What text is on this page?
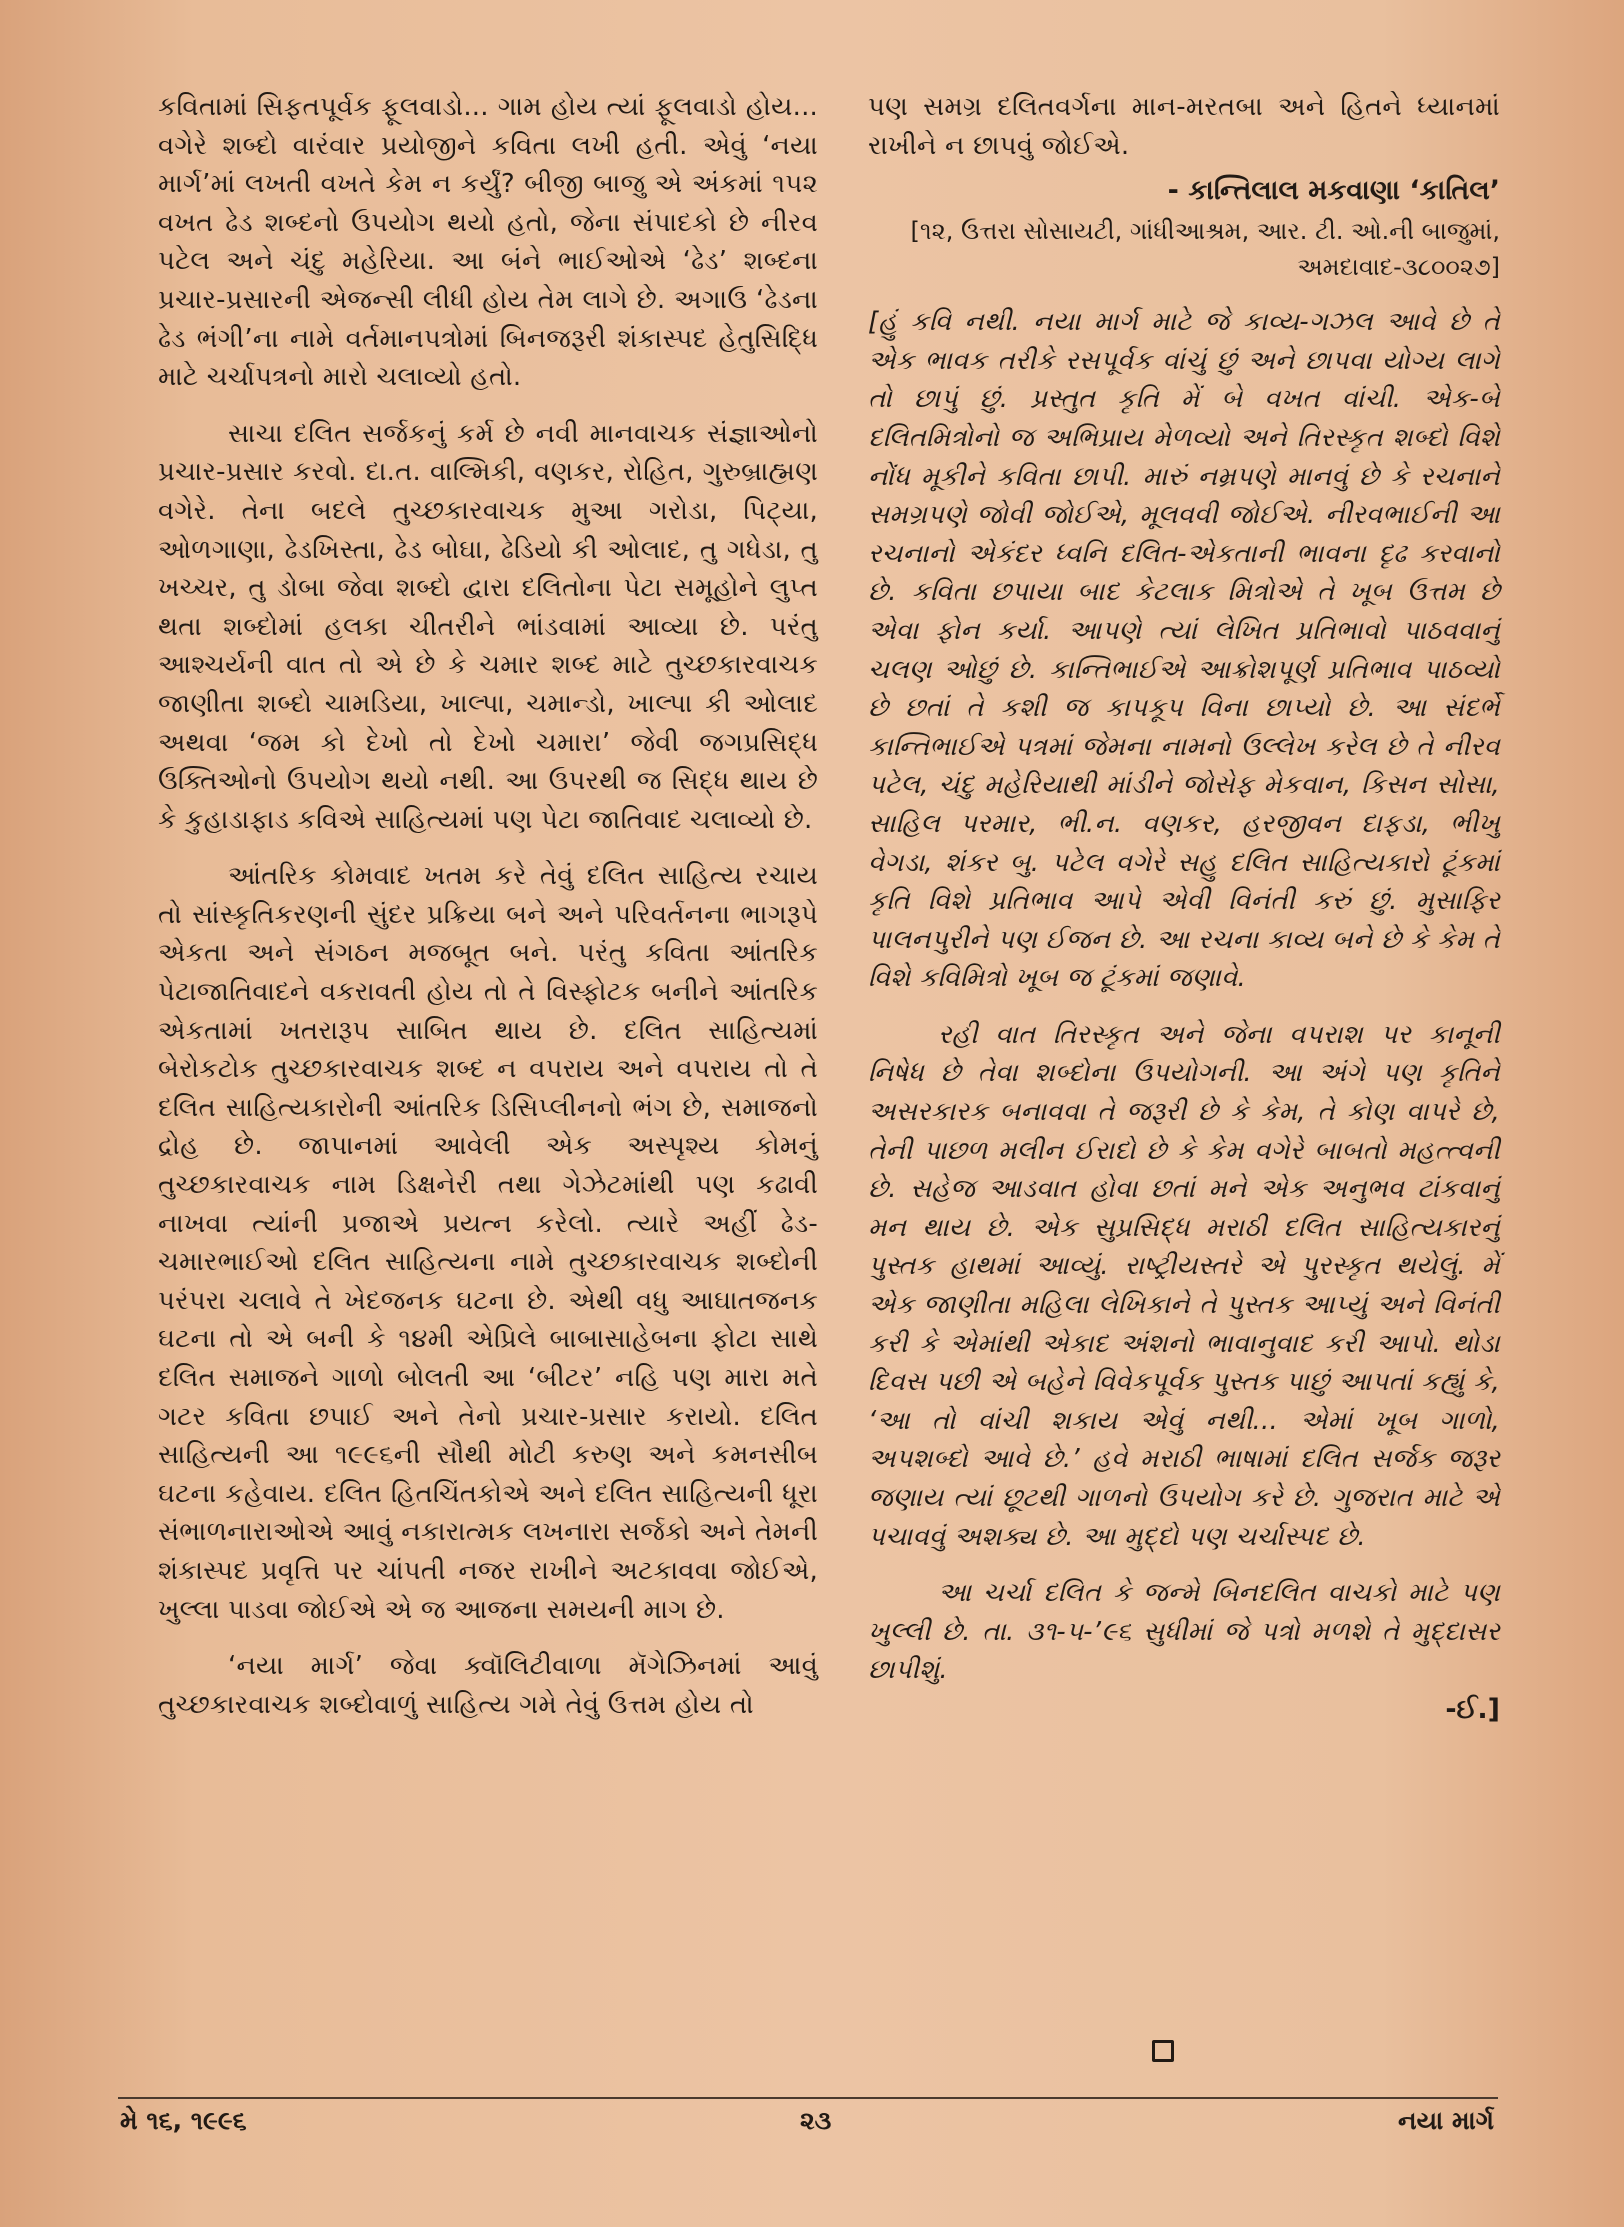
કવિતામાં સિફતપૂર્વક ફૂલવાડો... ગામ હોય ત્યાં ફૂલવાડો હોય... વગેરે શબ્દો વારંવાર પ્રયોજીને કવિતા લખી હતી. એવું ‘નયા માર્ગ’માં લખતી વખતે કેમ ન કર્યું? બીજી બાજુ એ અંકમાં ૧૫૨ વખત ઢેડ શબ્દનો ઉપયોગ થયો હતો, જેના સંપાદકો છે નીરવ પટેલ અને ચંદુ મહેરિયા. આ બંને ભાઈઓએ ‘ઢેડ’ શબ્દના પ્રચાર-પ્રસારની એજન્સી લીધી હોય તેમ લાગે છે. અગાઉ ‘ઢેડના ઢેડ ભંગી’ના નામે વર્તમાનપત્રોમાં બિનજરૂરી શંકાસ્પદ હેતુસિદ્ધિ માટે ચર્ચાપત્રનો મારો ચલાવ્યો હતો.

સાચા દલિત સર્જકનું કર્મ છે નવી માનવાચક સંજ્ઞાઓનો પ્રચાર-પ્રસાર કરવો. દા.ત. વાલ્મિકી, વણકર, રોહિત, ગુરુબ્રાહ્મણ વગેરે. તેના બદલે તુચ્છકારવાચક મુઆ ગરોડા, પિટ્યા, ઓળગાણા, ઢેડખિસ્તા, ઢેડ બોઘા, ઢેડિયો કી ઓલાદ, તુ ગધેડા, તુ ખચ્ચર, તુ ડોબા જેવા શબ્દો દ્વારા દલિતોના પેટા સમૂહોને લુપ્ત થતા શબ્દોમાં હલકા ચીતરીને ભાંડવામાં આવ્યા છે. પરંતુ આશ્ચર્યની વાત તો એ છે કે ચમાર શબ્દ માટે તુચ્છકારવાચક જાણીતા શબ્દો ચામડિયા, ખાલ્પા, ચમાન્ડો, ખાલ્પા કી ઓલાદ અથવા ‘જમ કો દેખો તો દેખો ચમારા’ જેવી જગપ્રસિદ્ધ ઉક્તિઓનો ઉપયોગ થયો નથી. આ ઉપરથી જ સિદ્ધ થાય છે કે કુહાડાફાડ કવિએ સાહિત્યમાં પણ પેટા જાતિવાદ ચલાવ્યો છે.

આંતરિક કોમવાદ ખતમ કરે તેવું દલિત સાહિત્ય રચાય તો સાંસ્કૃતિકરણની સુંદર પ્રક્રિયા બને અને પરિવર્તનના ભાગરૂપે એકતા અને સંગઠન મજબૂત બને. પરંતુ કવિતા આંતરિક પેટાજાતિવાદને વકરાવતી હોય તો તે વિસ્ફોટક બનીને આંતરિક એકતામાં ખતરારૂપ સાબિત થાય છે. દલિત સાહિત્યમાં બેરોકટોક તુચ્છકારવાચક શબ્દ ન વપરાય અને વપરાય તો તે દલિત સાહિત્યકારોની આંતરિક ડિસિપ્લીનનો ભંગ છે, સમાજનો દ્રોહ છે. જાપાનમાં આવેલી એક અસ્પૃશ્ય કોમનું તુચ્છકારવાચક નામ ડિક્ષનેરી તથા ગેઝેટમાંથી પણ કઢાવી નાખવા ત્યાંની પ્રજાએ પ્રયત્ન કરેલો. ત્યારે અહીં ઢેડ-ચમારભાઈઓ દલિત સાહિત્યના નામે તુચ્છકારવાચક શબ્દોની પરંપરા ચલાવે તે ખેદજનક ઘટના છે. એથી વધુ આઘાતજનક ઘટના તો એ બની કે ૧૪મી એપ્રિલે બાબાસાહેબના ફોટા સાથે દલિત સમાજને ગાળો બોલતી આ ‘બીટર’ નહિ પણ મારા મતે ગટર કવિતા છપાઈ અને તેનો પ્રચાર-પ્રસાર કરાયો. દલિત સાહિત્યની આ ૧૯૯૬ની સૌથી મોટી કરુણ અને કમનસીબ ઘટના કહેવાય. દલિત હિતચિંતકોએ અને દલિત સાહિત્યની ધૂરા સંભાળનારાઓએ આવું નકારાત્મક લખનારા સર્જકો અને તેમની શંકાસ્પદ પ્રવૃત્તિ પર ચાંપતી નજર રાખીને અટકાવવા જોઈએ, ખુલ્લા પાડવા જોઈએ એ જ આજના સમયની માગ છે.

‘નયા માર્ગ’ જેવા ક્વૉલિટીવાળા મૅગેઝિનમાં આવું તુચ્છકારવાચક શબ્દોવાળું સાહિત્ય ગમે તેવું ઉત્તમ હોય તો

પણ સમગ્ર દલિતવર્ગના માન-મરતબા અને હિતને ધ્યાનમાં રાખીને ન છાપવું જોઈએ.

- કાન્તિલાલ મકવાણા ‘કાતિલ’

[૧૨, ઉત્તરા સોસાયટી, ગાંધીઆશ્રમ, આર. ટી. ઓ.ની બાજુમાં, અમદાવાદ-૩૮૦૦૨૭]

[હું કવિ નથી. નયા માર્ગ માટે જે કાવ્ય-ગઝલ આવે છે તે એક ભાવક તરીકે રસપૂર્વક વાંચું છું અને છાપવા યોગ્ય લાગે તો છાપું છું. પ્રસ્તુત કૃતિ મેં બે વખત વાંચી. એક-બે દલિતમિત્રોનો જ અભિપ્રાય મેળવ્યો અને તિરસ્કૃત શબ્દો વિશે નોંધ મૂકીને કવિતા છાપી. મારું નમ્રપણે માનવું છે કે રચનાને સમગ્રપણે જોવી જોઈએ, મૂલવવી જોઈએ. નીરવભાઈની આ રચનાનો એકંદર ધ્વનિ દલિત-એકતાની ભાવના દૃઢ કરવાનો છે. કવિતા છપાયા બાદ કેટલાક મિત્રોએ તે ખૂબ ઉત્તમ છે એવા ફોન કર્યા. આપણે ત્યાં લેખિત પ્રતિભાવો પાઠવવાનું ચલણ ઓછું છે. કાન્તિભાઈએ આક્રોશપૂર્ણ પ્રતિભાવ પાઠવ્યો છે છતાં તે કશી જ કાપકૂપ વિના છાપ્યો છે. આ સંદર્ભે કાન્તિભાઈએ પત્રમાં જેમના નામનો ઉલ્લેખ કરેલ છે તે નીરવ પટેલ, ચંદુ મહેરિયાથી માંડીને જોસેફ મેકવાન, કિસન સોસા, સાહિલ પરમાર, ભી.ન. વણકર, હરજીવન દાફડા, ભીખુ વેગડા, શંકર બુ. પટેલ વગેરે સહુ દલિત સાહિત્યકારો ટૂંકમાં કૃતિ વિશે પ્રતિભાવ આપે એવી વિનંતી કરું છું. મુસાફિર પાલનપુરીને પણ ઈજન છે. આ રચના કાવ્ય બને છે કે કેમ તે વિશે કવિમિત્રો ખૂબ જ ટૂંકમાં જણાવે.

રહી વાત તિરસ્કૃત અને જેના વપરાશ પર કાનૂની નિષેધ છે તેવા શબ્દોના ઉપયોગની. આ અંગે પણ કૃતિને અસરકારક બનાવવા તે જરૂરી છે કે કેમ, તે કોણ વાપરે છે, તેની પાછળ મલીન ઈરાદો છે કે કેમ વગેરે બાબતો મહત્ત્વની છે. સહેજ આડવાત હોવા છતાં મને એક અનુભવ ટાંકવાનું મન થાય છે. એક સુપ્રસિદ્ધ મરાઠી દલિત સાહિત્યકારનું પુસ્તક હાથમાં આવ્યું. રાષ્ટ્રીયસ્તરે એ પુરસ્કૃત થયેલું. મેં એક જાણીતા મહિલા લેખિકાને તે પુસ્તક આપ્યું અને વિનંતી કરી કે એમાંથી એકાદ અંશનો ભાવાનુવાદ કરી આપો. થોડા દિવસ પછી એ બહેને વિવેકપૂર્વક પુસ્તક પાછું આપતાં કહ્યું કે, ‘આ તો વાંચી શકાય એવું નથી... એમાં ખૂબ ગાળો, અપશબ્દો આવે છે.’ હવે મરાઠી ભાષામાં દલિત સર્જક જરૂર જણાય ત્યાં છૂટથી ગાળનો ઉપયોગ કરે છે. ગુજરાત માટે એ પચાવવું અશક્ય છે. આ મુદ્દો પણ ચર્ચાસ્પદ છે.

આ ચર્ચા દલિત કે જન્મે બિનદલિત વાચકો માટે પણ ખુલ્લી છે. તા. ૩૧-૫-’૯૬ સુધીમાં જે પત્રો મળશે તે મુદ્દાસર છાપીશું.

-ઈ.]

મે ૧૬, ૧૯૯૬	૨૩	નયા માર્ગ
